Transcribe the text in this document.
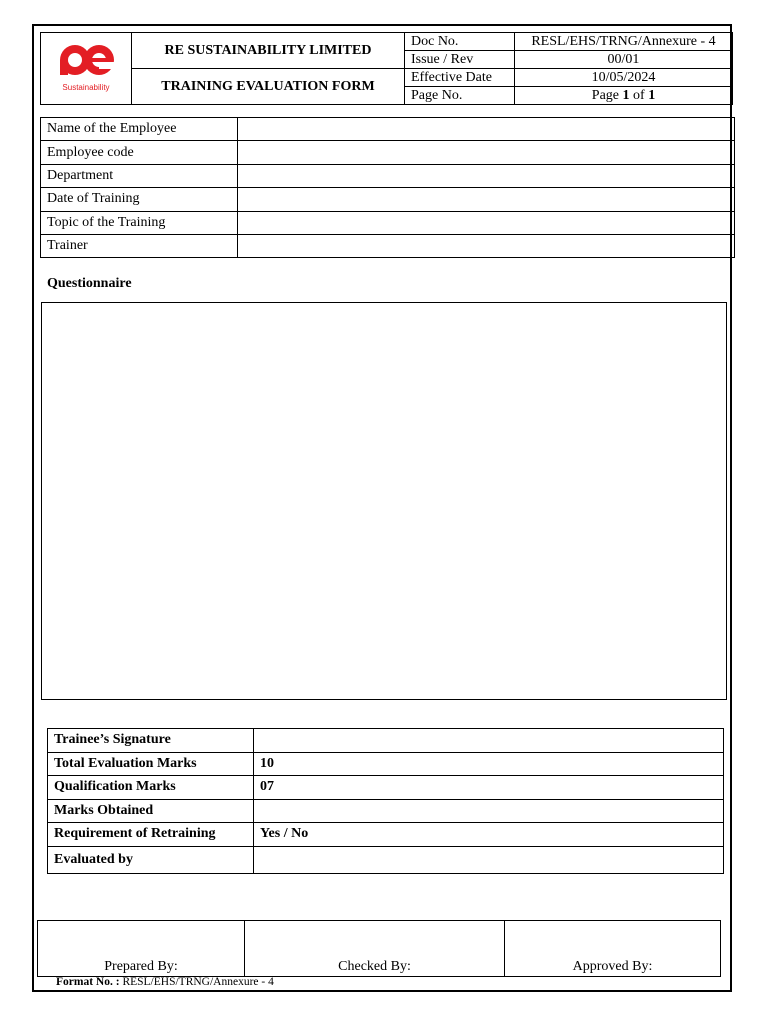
Sustainability	RE SUSTAINABILITY LIMITED	Doc No.	RESL/EHS/TRNG/Annexure - 4
		Issue / Rev	00/01
	TRAINING EVALUATION FORM	Effective Date	10/05/2024
		Page No.	Page 1 of 1
Name of the Employee	
Employee code	
Department	
Date of Training	
Topic of the Training	
Trainer	
Questionnaire
Trainee’s Signature	
Total Evaluation Marks	10
Qualification Marks	07
Marks Obtained	
Requirement of Retraining	Yes / No
Evaluated by	
Prepared By:	Checked By:	Approved By:
Format No. : RESL/EHS/TRNG/Annexure - 4
